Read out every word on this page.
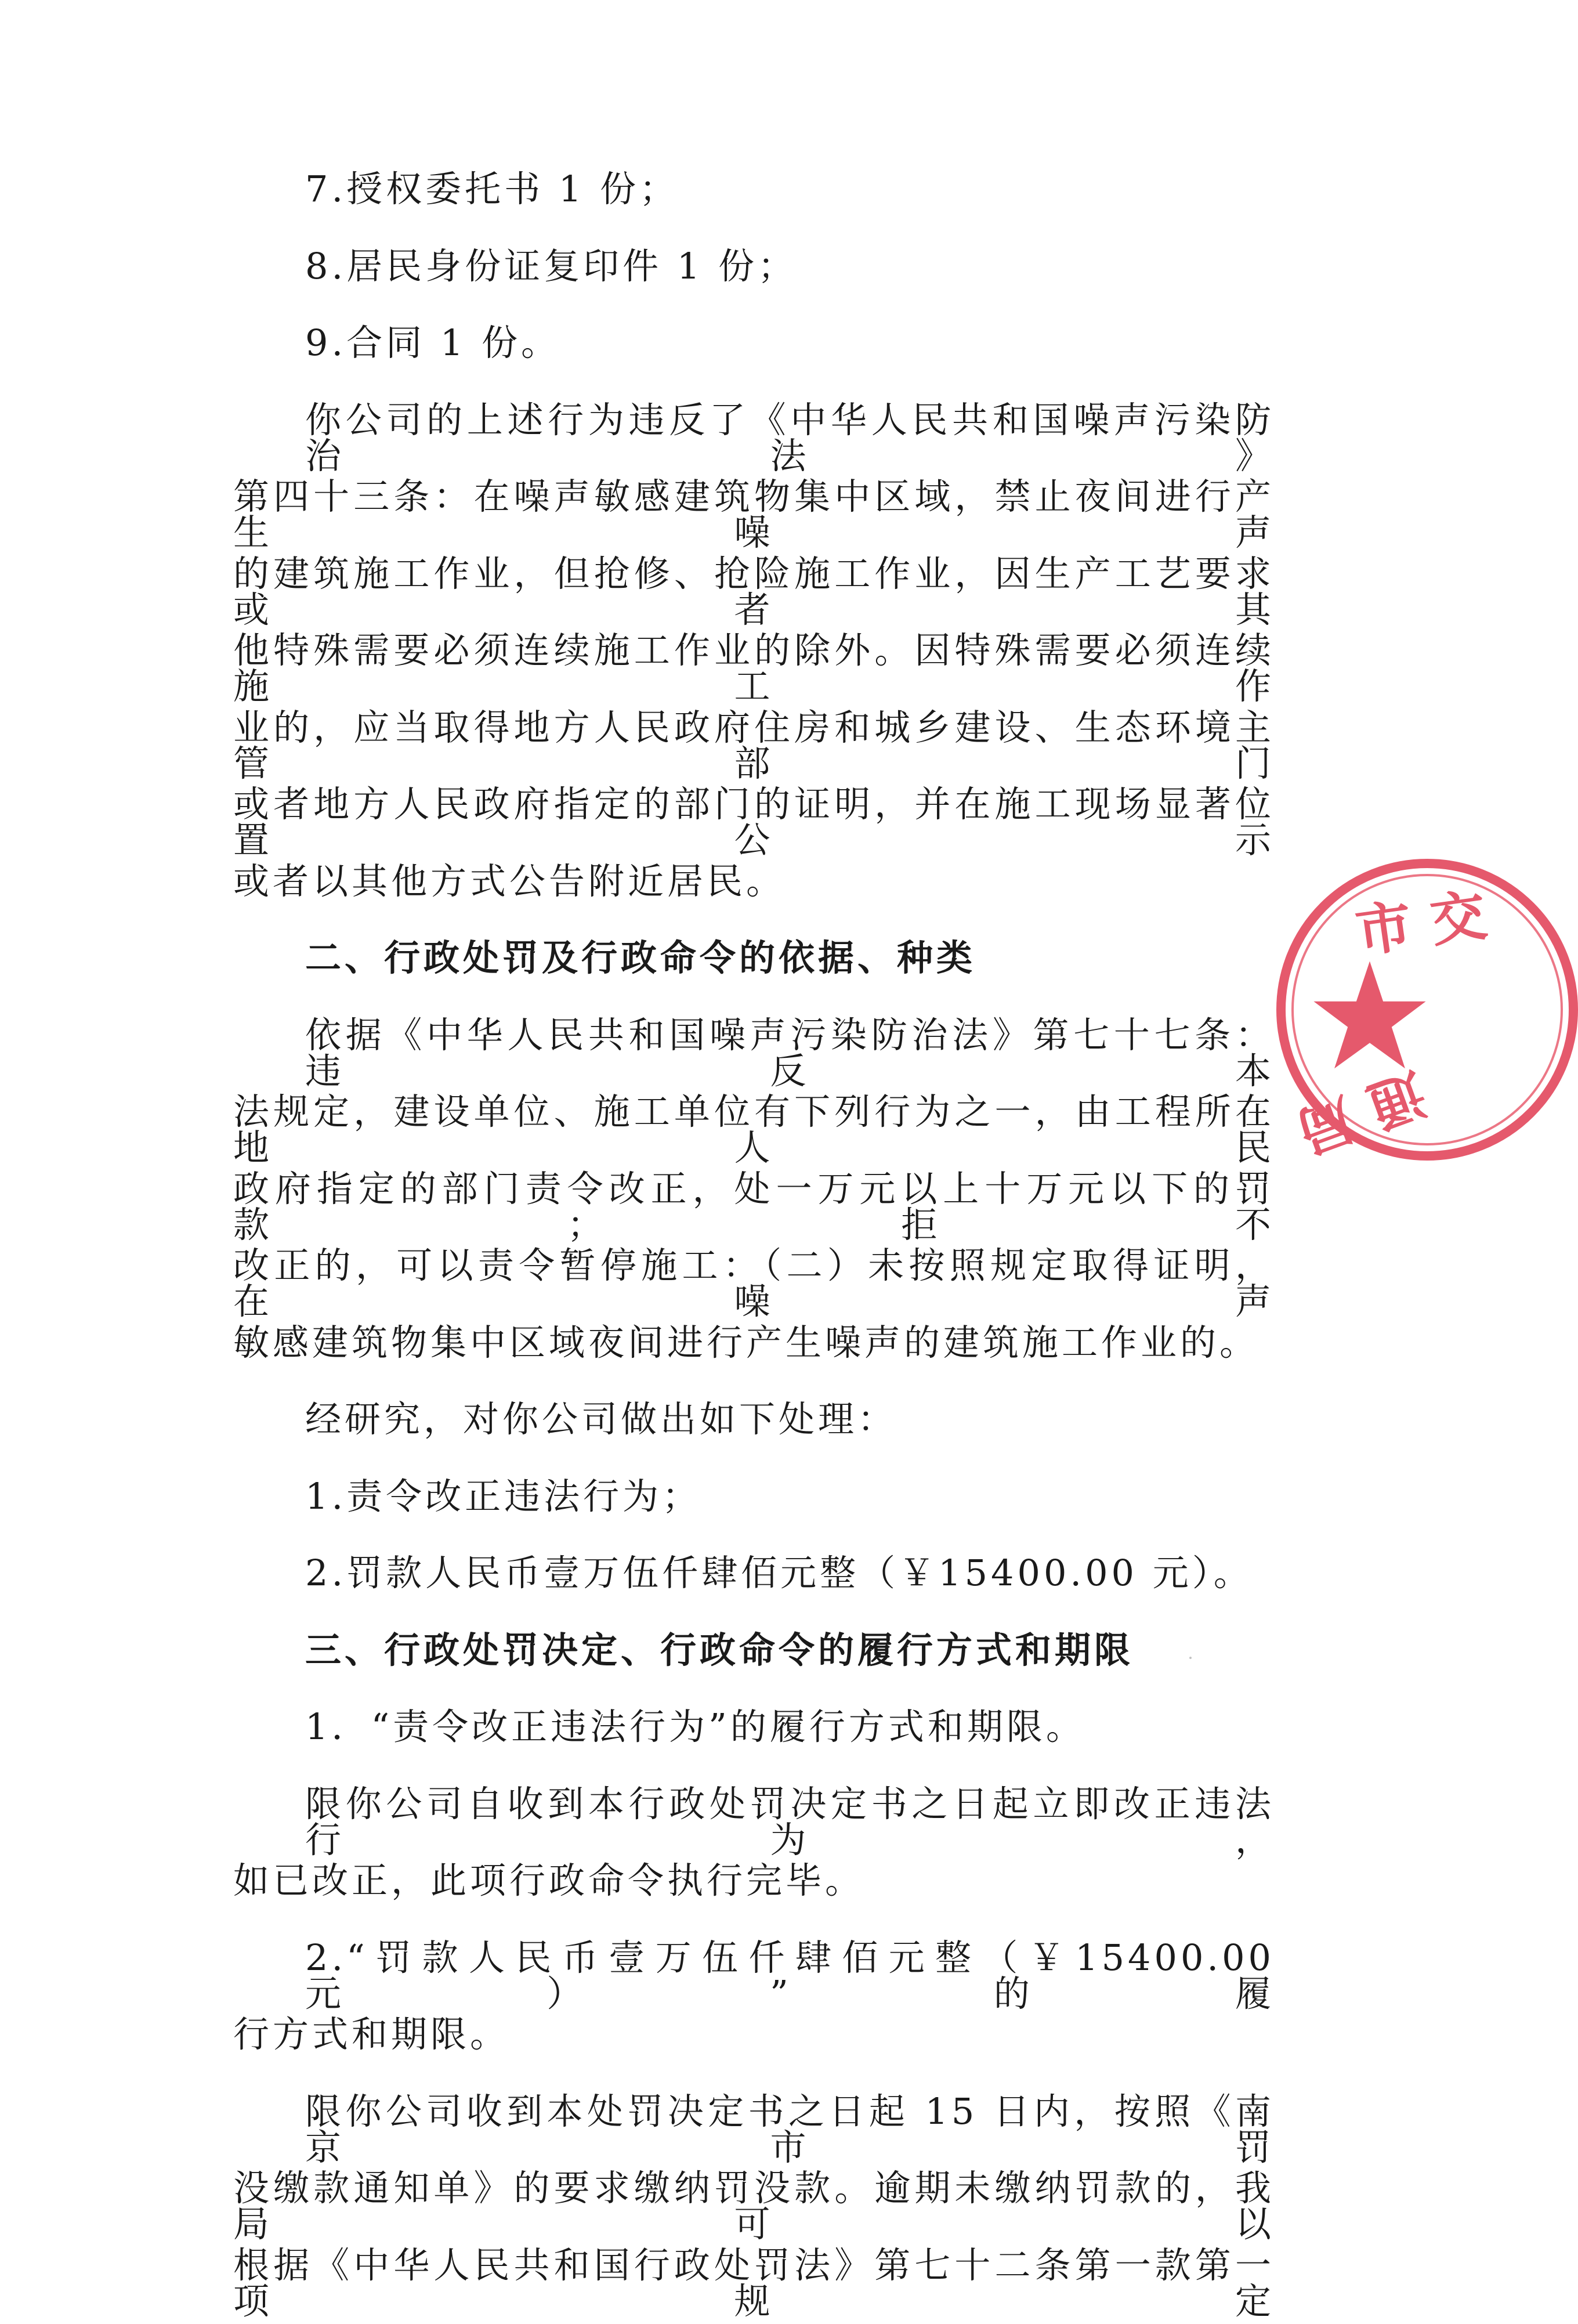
7.授权委托书 1 份；
8.居民身份证复印件 1 份；
9.合同 1 份。
你公司的上述行为违反了《中华人民共和国噪声污染防治法》
第四十三条：在噪声敏感建筑物集中区域，禁止夜间进行产生噪声
的建筑施工作业，但抢修、抢险施工作业，因生产工艺要求或者其
他特殊需要必须连续施工作业的除外。因特殊需要必须连续施工作
业的，应当取得地方人民政府住房和城乡建设、生态环境主管部门
或者地方人民政府指定的部门的证明，并在施工现场显著位置公示
或者以其他方式公告附近居民。
二、行政处罚及行政命令的依据、种类
依据《中华人民共和国噪声污染防治法》第七十七条：违反本
法规定，建设单位、施工单位有下列行为之一，由工程所在地人民
政府指定的部门责令改正，处一万元以上十万元以下的罚款；拒不
改正的，可以责令暂停施工：（二）未按照规定取得证明，在噪声
敏感建筑物集中区域夜间进行产生噪声的建筑施工作业的。
经研究，对你公司做出如下处理：
1.责令改正违法行为；
2.罚款人民币壹万伍仟肆佰元整（￥15400.00 元）。
三、行政处罚决定、行政命令的履行方式和期限
1．“责令改正违法行为”的履行方式和期限。
限你公司自收到本行政处罚决定书之日起立即改正违法行为，
如已改正，此项行政命令执行完毕。
2.“罚款人民币壹万伍仟肆佰元整（￥15400.00 元）”的履
行方式和期限。
限你公司收到本处罚决定书之日起 15 日内，按照《南京市罚
没缴款通知单》的要求缴纳罚没款。逾期未缴纳罚款的，我局可以
根据《中华人民共和国行政处罚法》第七十二条第一款第一项规定
市 交
通 局
